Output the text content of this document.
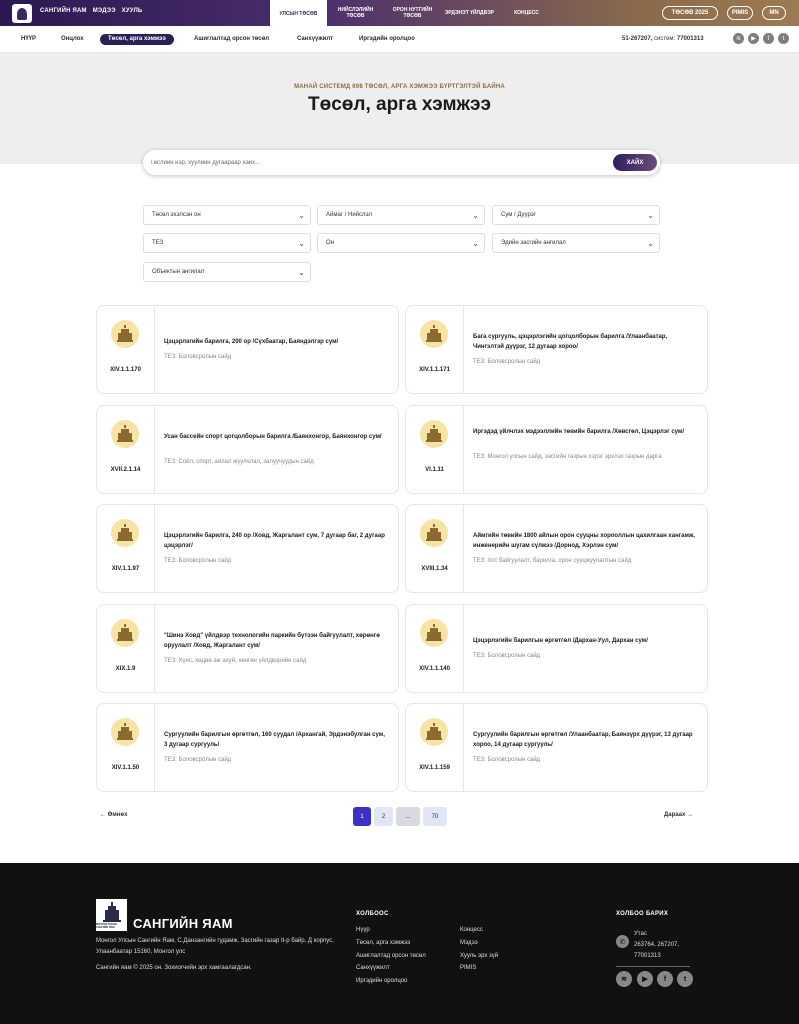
САНГИЙН ЯАМ МЭДЭЭ ХУУЛЬ	УЛСЫН ТӨСӨВ
НИЙСЛЭЛИЙН ТӨСӨВ
ОРОН НУТГИЙН ТӨСӨВ	ЭРДЭНЭТ ҮЙЛДВЭР	КОНЦЕСС	ТӨСӨВ 2025	PIMIS	MN
НҮҮР	Онцлох	Төсөл, арга хэмжээ	Ашиглалтад орсон төсөл	Санхүүжилт	Иргэдийн оролцоо	51-267207, систем: 77001313	≋	▶	f	t
МАНАЙ СИСТЕМД 698 ТӨСӨЛ, АРГА ХЭМЖЭЭ БҮРТГЭЛТЭЙ БАЙНА
Төсөл, арга хэмжээ
Төслийн нэр, хуулийн дугаараар хайх...
ХАЙХ
Төсөл эхэлсэн он	⌄	Аймаг / Нийслэл	⌄	Сум / Дүүрэг	⌄
ТЕЗ	⌄	Он	⌄	Эдийн засгийн ангилал	⌄
Объектын ангилал	⌄
XIV.1.1.170
Цэцэрлэгийн барилга, 200 ор /Сүхбаатар, Баяндэлгэр сум/
ТЕЗ: Боловсролын сайд
XIV.1.1.171
Бага сургууль, цэцэрлэгийн цогцолборын барилга /Улаанбаатар, Чингэлтэй дүүрэг, 12 дугаар хороо/
ТЕЗ: Боловсролын сайд
XVII.2.1.14
Усан бассейн спорт цогцолборын барилга /Баянхонгор, Баянхонгор сум/
ТЕЗ: Соёл, спорт, аялал жуулчлал, залуучуудын сайд
VI.1.11
Иргэдэд үйлчлэх мэдээллийн төвийн барилга /Хөвсгөл, Цэцэрлэг сум/
ТЕЗ: Монгол улсын сайд, засгийн газрын хэрэг эрхлэх газрын дарга
XIV.1.1.97
Цэцэрлэгийн барилга, 240 ор /Ховд, Жаргалант сум, 7 дугаар баг, 2 дугаар цэцэрлэг/
ТЕЗ: Боловсролын сайд
XVIII.1.34
Аймгийн төвийн 1800 айлын орон сууцны хорооллын цахилгаан хангамж, инженерийн шугам сүлжээ /Дорнод, Хэрлэн сум/
ТЕЗ: Хот байгуулалт, барилга, орон сууцжуулалтын сайд
XIX.1.9
"Шинэ Ховд" үйлдвэр технологийн паркийн бүтээн байгуулалт, хөрөнгө оруулалт /Ховд, Жаргалант сум/
ТЕЗ: Хүнс, хөдөө аж ахуй, хөнгөн үйлдвэрийн сайд
XIV.1.1.140
Цэцэрлэгийн барилгын өргөтгөл /Дархан-Уул, Дархан сум/
ТЕЗ: Боловсролын сайд
XIV.1.1.50
Сургуулийн барилгын өргөтгөл, 160 суудал /Архангай, Эрдэнэбулган сум, 3 дугаар сургууль/
ТЕЗ: Боловсролын сайд
XIV.1.1.159
Сургуулийн барилгын өргөтгөл /Улаанбаатар, Баянзүрх дүүрэг, 13 дугаар хороо, 14 дугаар сургууль/
ТЕЗ: Боловсролын сайд
← Өмнөх	1	2	...	70	Дараах →
МОНГОЛ УЛСЫН САНГИЙН ЯАМ	САНГИЙН ЯАМ
Монгол Улсын Сангийн Яам, С.Данзангийн гудамж, Засгийн газар II-р байр, Д корпус, Улаанбаатар 15160, Монгол улс
Сангийн яам © 2025 он. Зохиогчийн эрх хамгаалагдсан.
ХОЛБООС
Нүүр
Төсөл, арга хэмжээ
Ашиглалтад орсон төсөл
Санхүүжилт
Иргэдийн оролцоо
Концесс
Мэдээ
Хууль эрх зүй
PIMIS
ХОЛБОО БАРИХ
✆
Утас
263764, 267207, 77001313
≋	▶	f	t
